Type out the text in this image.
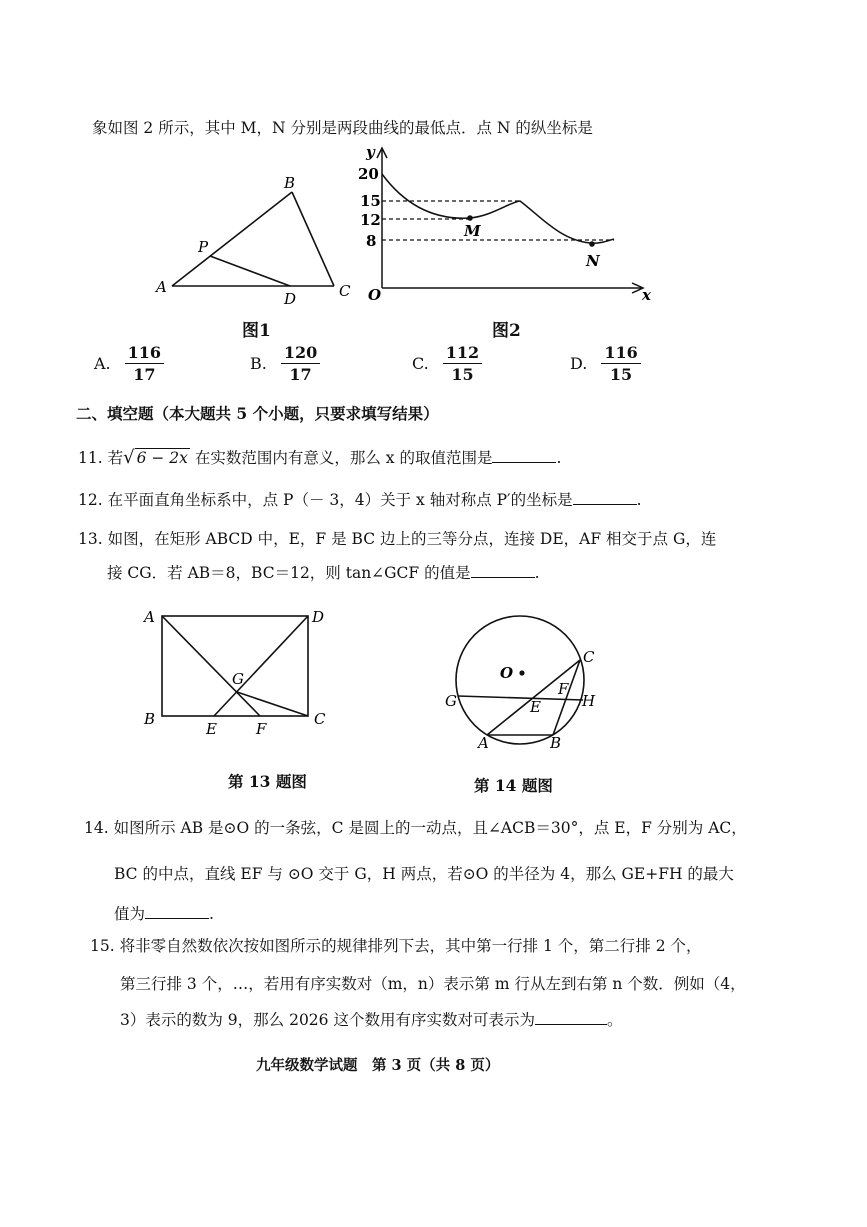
象如图 2 所示，其中 M，N 分别是两段曲线的最低点．点 N 的纵坐标是
A
B
C
P
D
图1
y
x
O
20
15
12
8
M
N
图2
A. $\frac{116}{17}$	B. $\frac{120}{17}$	C. $\frac{112}{15}$	D. $\frac{116}{15}$
二、填空题（本大题共 5 个小题，只要求填写结果）
11. 若√ 6 − 2x 在实数范围内有意义，那么 x 的取值范围是	.
12. 在平面直角坐标系中，点 P（－ 3，4）关于 x 轴对称点 P′的坐标是	.
13. 如图，在矩形 ABCD 中，E，F 是 BC 边上的三等分点，连接 DE，AF 相交于点 G，连
接 CG．若 AB＝8，BC＝12，则 tan∠GCF 的值是	.
A	D
B	C
G
E	F
第 13 题图
O
C
F
G	E	H
A	B
第 14 题图
14. 如图所示 AB 是⊙O 的一条弦，C 是圆上的一动点，且∠ACB＝30°，点 E，F 分别为 AC，
BC 的中点，直线 EF 与 ⊙O 交于 G，H 两点，若⊙O 的半径为 4，那么 GE+FH 的最大
值为	.
15. 将非零自然数依次按如图所示的规律排列下去，其中第一行排 1 个，第二行排 2 个，
第三行排 3 个，…，若用有序实数对（m，n）表示第 m 行从左到右第 n 个数．例如（4，
3）表示的数为 9，那么 2026 这个数用有序实数对可表示为	。
九年级数学试题　第 3 页（共 8 页）
